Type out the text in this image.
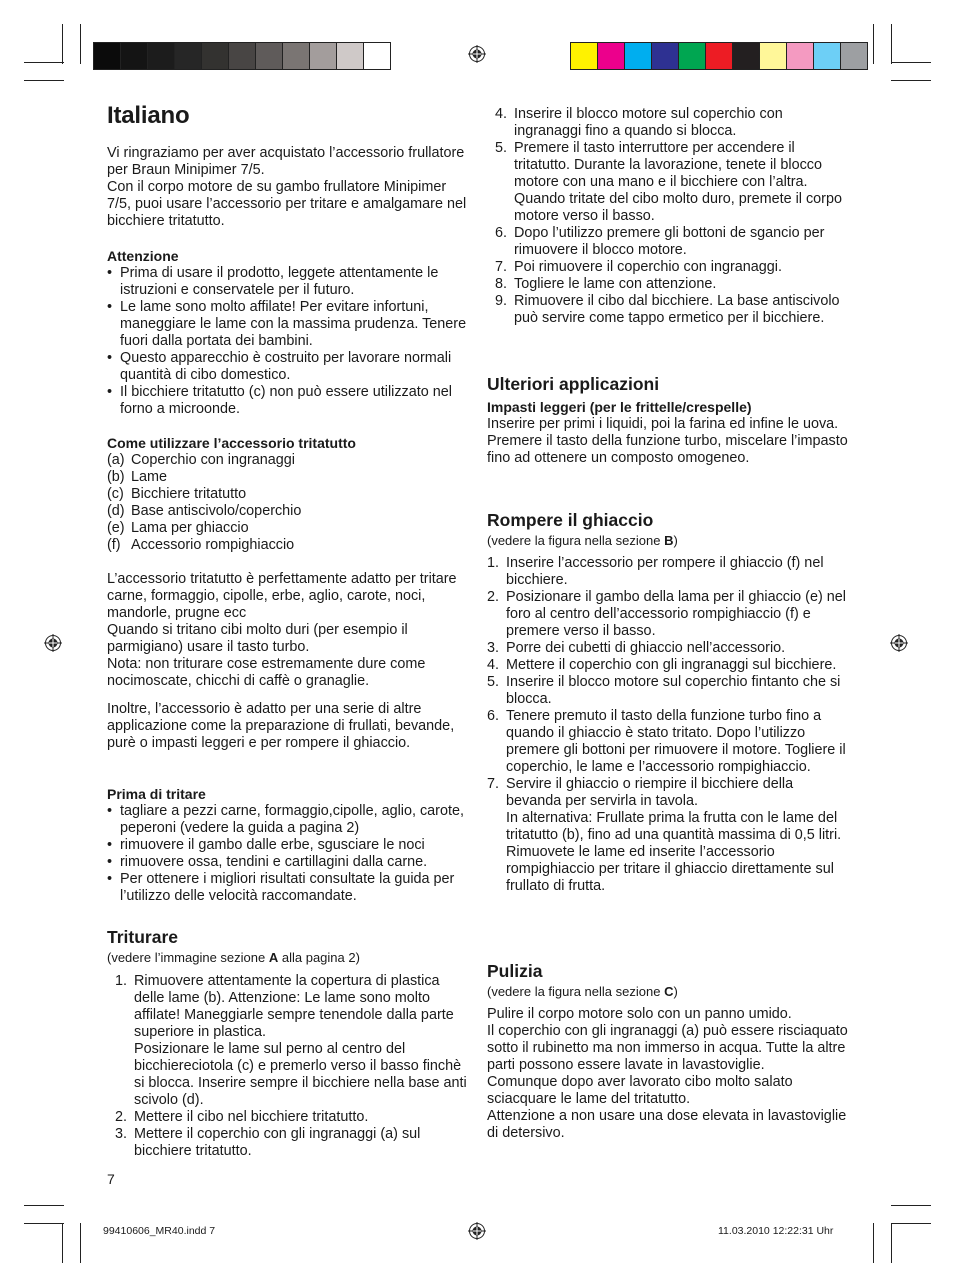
Italiano

Vi ringraziamo per aver acquistato l’accessorio frullatore per Braun Minipimer 7/5.

Con il corpo motore de su gambo frullatore Minipimer 7/5, puoi usare l’accessorio per tritare e amalgamare nel bicchiere tritatutto.

Attenzione

• Prima di usare il prodotto, leggete attentamente le istruzioni e conservatele per il futuro.
• Le lame sono molto affilate! Per evitare infortuni, maneggiare le lame con la massima prudenza. Tenere fuori dalla portata dei bambini.
• Questo apparecchio è costruito per lavorare normali quantità di cibo domestico.
• Il bicchiere tritatutto (c) non può essere utilizzato nel forno a microonde.

Come utilizzare l’accessorio tritatutto

(a) Coperchio con ingranaggi
(b) Lame
(c) Bicchiere tritatutto
(d) Base antiscivolo/coperchio
(e) Lama per ghiaccio
(f) Accessorio rompighiaccio

L’accessorio tritatutto è perfettamente adatto per tritare carne, formaggio, cipolle, erbe, aglio, carote, noci, mandorle, prugne ecc

Quando si tritano cibi molto duri (per esempio il parmigiano) usare il tasto turbo.

Nota: non triturare cose estremamente dure come nocimoscate, chicchi di caffè o granaglie.

Inoltre, l’accessorio è adatto per una serie di altre applicazione come la preparazione di frullati, bevande, purè o impasti leggeri e per rompere il ghiaccio.

Prima di tritare

• tagliare a pezzi carne, formaggio,cipolle, aglio, carote, peperoni (vedere la guida a pagina 2)
• rimuovere il gambo dalle erbe, sgusciare le noci
• rimuovere ossa, tendini e cartillagini dalla carne.
• Per ottenere i migliori risultati consultate la guida per l’utilizzo delle velocità raccomandate.
Triturare

(vedere l’immagine sezione A alla pagina 2)

1. Rimuovere attentamente la copertura di plastica delle lame (b). Attenzione: Le lame sono molto affilate! Maneggiarle sempre tenendole dalla parte superiore in plastica.
Posizionare le lame sul perno al centro del bicchiereciotola (c) e premerlo verso il basso finchè si blocca. Inserire sempre il bicchiere nella base anti scivolo (d).
2. Mettere il cibo nel bicchiere tritatutto.
3. Mettere il coperchio con gli ingranaggi (a) sul bicchiere tritatutto.
4. Inserire il blocco motore sul coperchio con ingranaggi fino a quando si blocca.
5. Premere il tasto interruttore per accendere il tritatutto. Durante la lavorazione, tenete il blocco motore con una mano e il bicchiere con l’altra. Quando tritate del cibo molto duro, premete il corpo motore verso il basso.
6. Dopo l’utilizzo premere gli bottoni de sgancio per rimuovere il blocco motore.
7. Poi rimuovere il coperchio con ingranaggi.
8. Togliere le lame con attenzione.
9. Rimuovere il cibo dal bicchiere. La base antiscivolo può servire come tappo ermetico per il bicchiere.
Ulteriori applicazioni

Impasti leggeri (per le frittelle/crespelle)

Inserire per primi i liquidi, poi la farina ed infine le uova. Premere il tasto della funzione turbo, miscelare l’impasto fino ad ottenere un composto omogeneo.

Rompere il ghiaccio

(vedere la figura nella sezione B)

1. Inserire l’accessorio per rompere il ghiaccio (f) nel bicchiere.
2. Posizionare il gambo della lama per il ghiaccio (e) nel foro al centro dell’accessorio rompighiaccio (f) e premere verso il basso.
3. Porre dei cubetti di ghiaccio nell’accessorio.
4. Mettere il coperchio con gli ingranaggi sul bicchiere.
5. Inserire il blocco motore sul coperchio fintanto che si blocca.
6. Tenere premuto il tasto della funzione turbo fino a quando il ghiaccio è stato tritato. Dopo l’utilizzo premere gli bottoni per rimuovere il motore. Togliere il coperchio, le lame e l’accessorio rompighiaccio.
7. Servire il ghiaccio o riempire il bicchiere della bevanda per servirla in tavola.
In alternativa: Frullate prima la frutta con le lame del tritatutto (b), fino ad una quantità massima di 0,5 litri. Rimuovete le lame ed inserite l’accessorio rompighiaccio per tritare il ghiaccio direttamente sul frullato di frutta.
Pulizia

(vedere la figura nella sezione C)

Pulire il corpo motore solo con un panno umido.

Il coperchio con gli ingranaggi (a) può essere risciaquato sotto il rubinetto ma non immerso in acqua. Tutte la altre parti possono essere lavate in lavastoviglie.

Comunque dopo aver lavorato cibo molto salato sciacquare le lame del tritatutto.

Attenzione a non usare una dose elevata in lavastoviglie di detersivo.

7
99410606_MR40.indd 7	11.03.2010 12:22:31 Uhr
